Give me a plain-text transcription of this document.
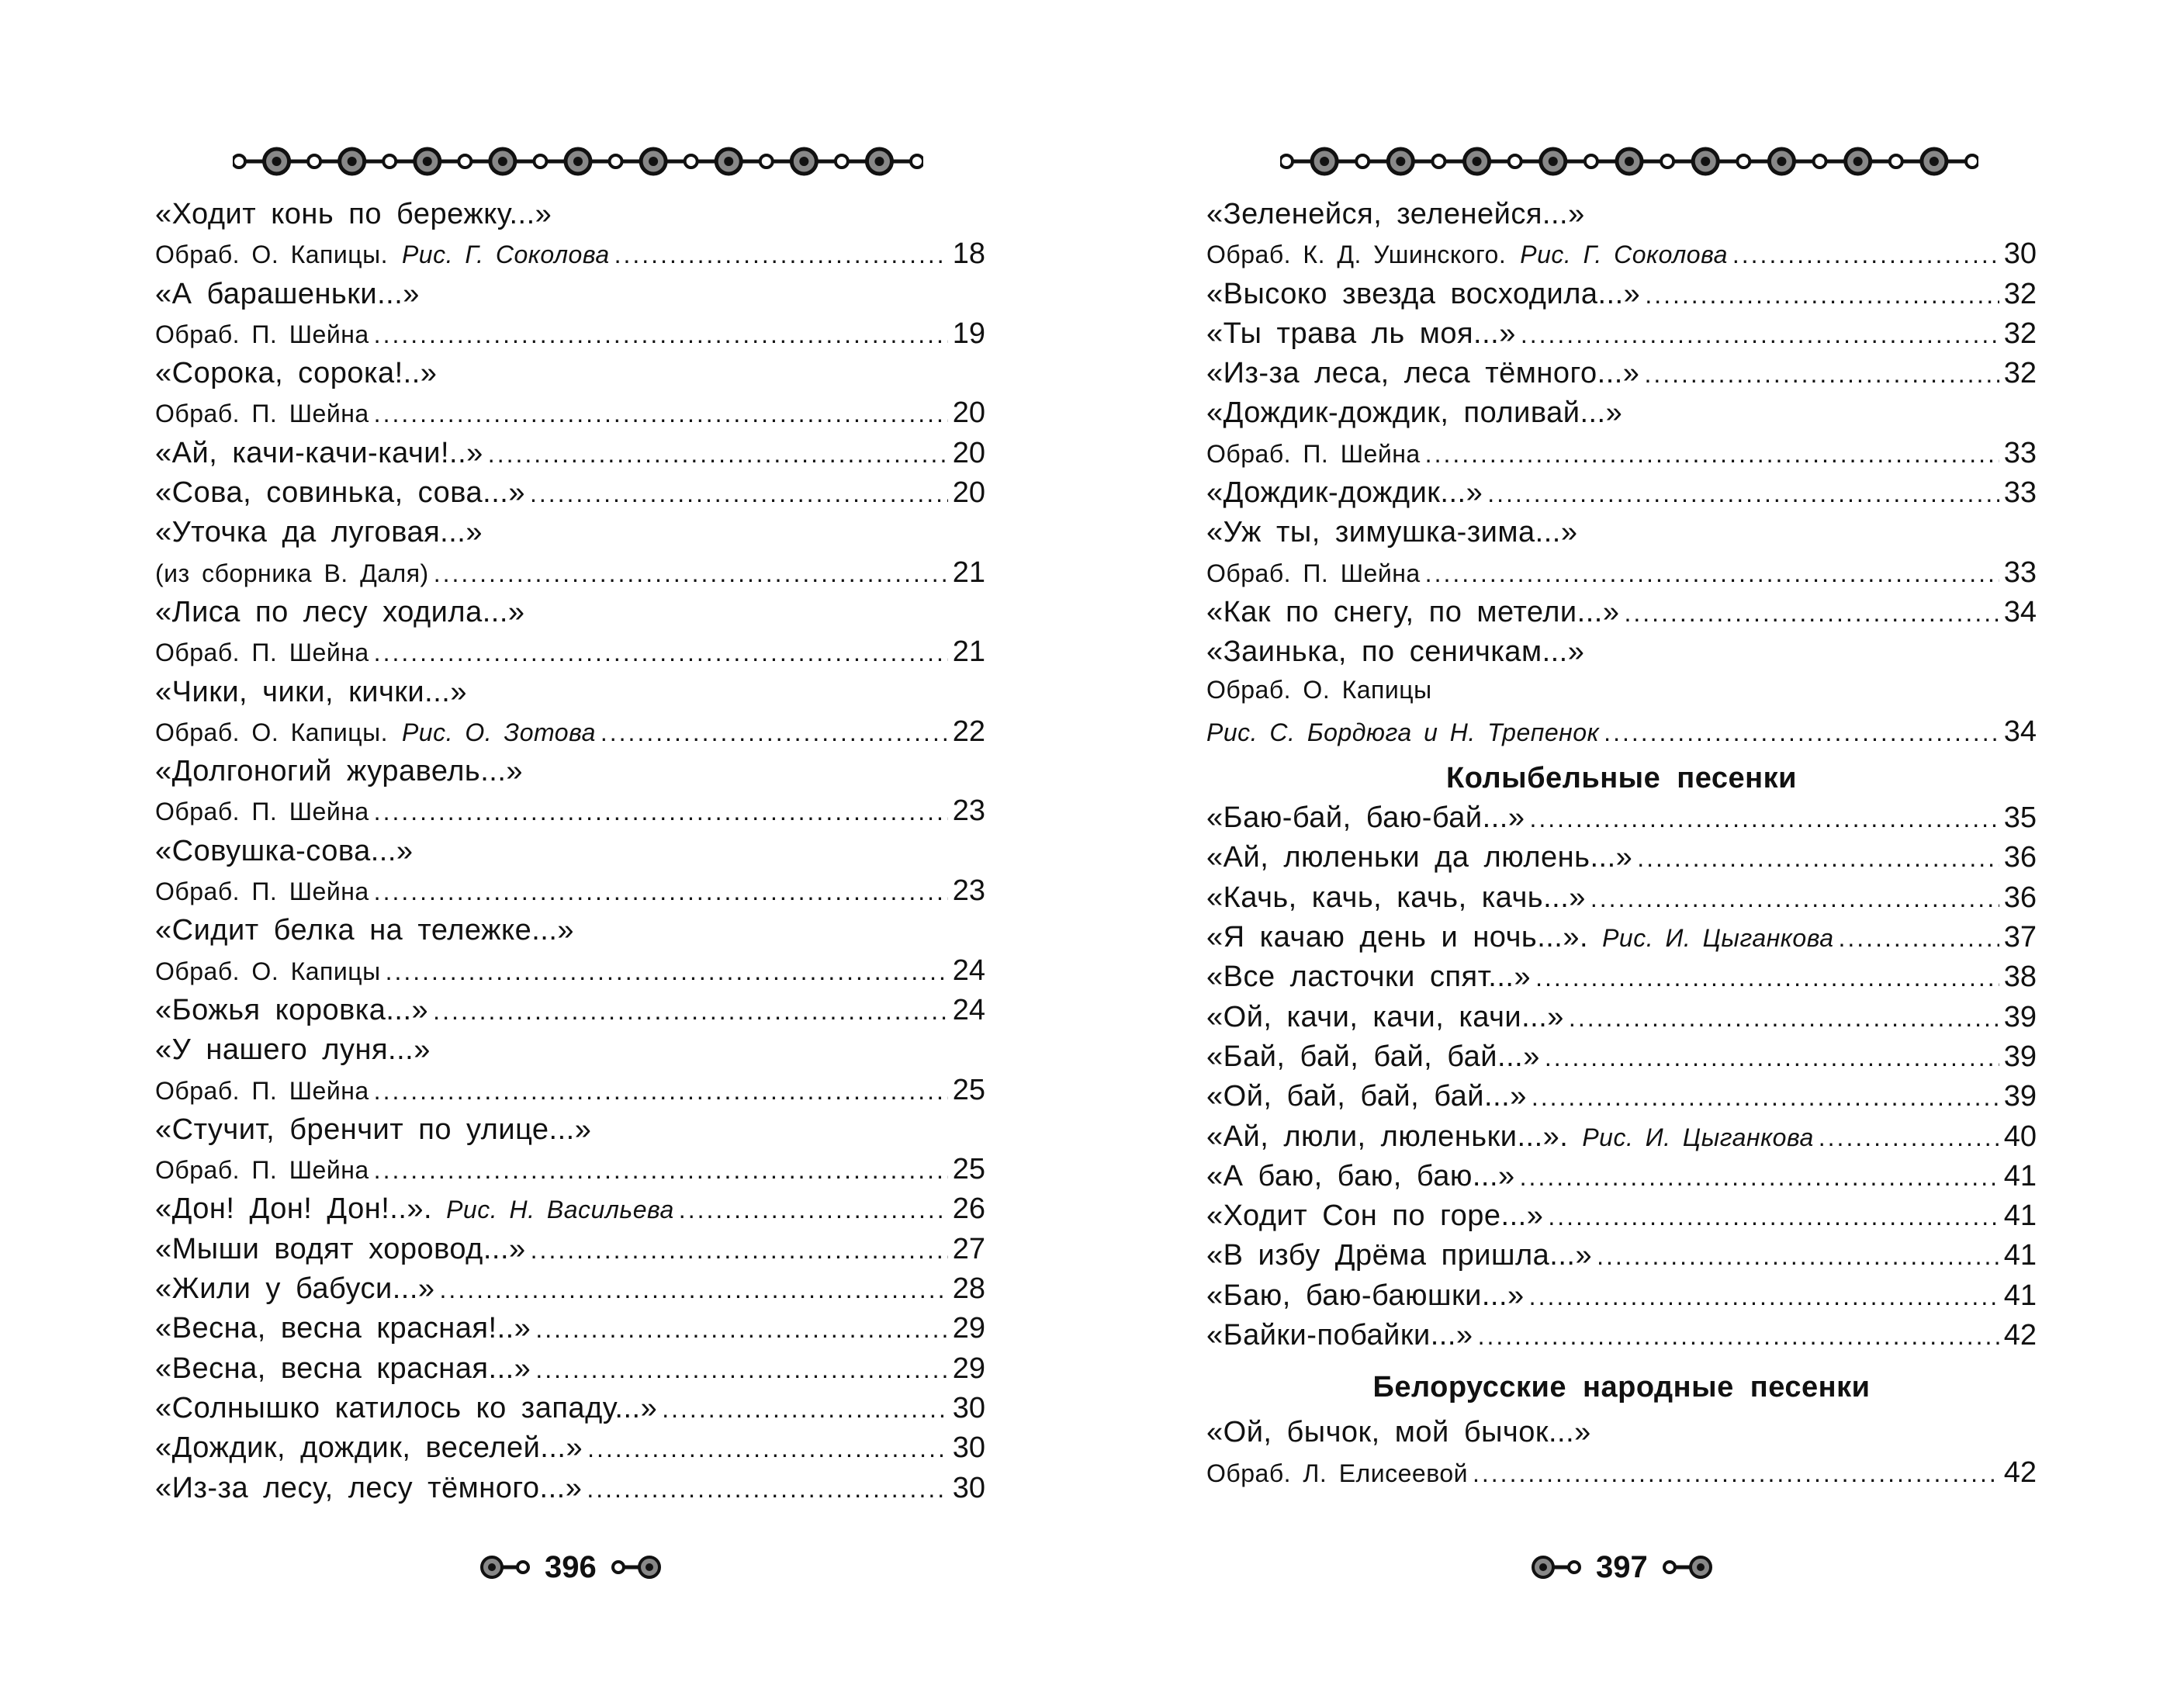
«Ходит конь по бережку...»
Обраб. О. Капицы. Рис. Г. Соколова .....	18
«А барашеньки...»
Обраб. П. Шейна .....	19
«Сорока, сорока!..»
Обраб. П. Шейна .....	20
«Ай, качи-качи-качи!..» .....	20
«Сова, совинька, сова...» .....	20
«Уточка да луговая...»
(из сборника В. Даля) .....	21
«Лиса по лесу ходила...»
Обраб. П. Шейна .....	21
«Чики, чики, кички...»
Обраб. О. Капицы. Рис. О. Зотова .....	22
«Долгоногий журавель...»
Обраб. П. Шейна .....	23
«Совушка-сова...»
Обраб. П. Шейна .....	23
«Сидит белка на тележке...»
Обраб. О. Капицы .....	24
«Божья коровка...» .....	24
«У нашего луня...»
Обраб. П. Шейна .....	25
«Стучит, бренчит по улице...»
Обраб. П. Шейна .....	25
«Дон! Дон! Дон!..». Рис. Н. Васильева .....	26
«Мыши водят хоровод...» .....	27
«Жили у бабуси...» .....	28
«Весна, весна красная!..» .....	29
«Весна, весна красная...» .....	29
«Солнышко катилось ко западу...» .....	30
«Дождик, дождик, веселей...» .....	30
«Из-за лесу, лесу тёмного...» .....	30
396
«Зеленейся, зеленейся...»
Обраб. К. Д. Ушинского. Рис. Г. Соколова .....	30
«Высоко звезда восходила...» .....	32
«Ты трава ль моя...» .....	32
«Из-за леса, леса тёмного...» .....	32
«Дождик-дождик, поливай...»
Обраб. П. Шейна .....	33
«Дождик-дождик...» .....	33
«Уж ты, зимушка-зима...»
Обраб. П. Шейна .....	33
«Как по снегу, по метели...» .....	34
«Заинька, по сеничкам...»
Обраб. О. Капицы
Рис. С. Бордюга и Н. Трепенок .....	34
Колыбельные песенки
«Баю-бай, баю-бай...» .....	35
«Ай, люленьки да люлень...» .....	36
«Качь, качь, качь, качь...» .....	36
«Я качаю день и ночь...». Рис. И. Цыганкова .....	37
«Все ласточки спят...» .....	38
«Ой, качи, качи, качи...» .....	39
«Бай, бай, бай, бай...» .....	39
«Ой, бай, бай, бай...» .....	39
«Ай, люли, люленьки...». Рис. И. Цыганкова .....	40
«А баю, баю, баю...» .....	41
«Ходит Сон по горе...» .....	41
«В избу Дрёма пришла...» .....	41
«Баю, баю-баюшки...» .....	41
«Байки-побайки...» .....	42
Белорусские народные песенки
«Ой, бычок, мой бычок...»
Обраб. Л. Елисеевой .....	42
397
